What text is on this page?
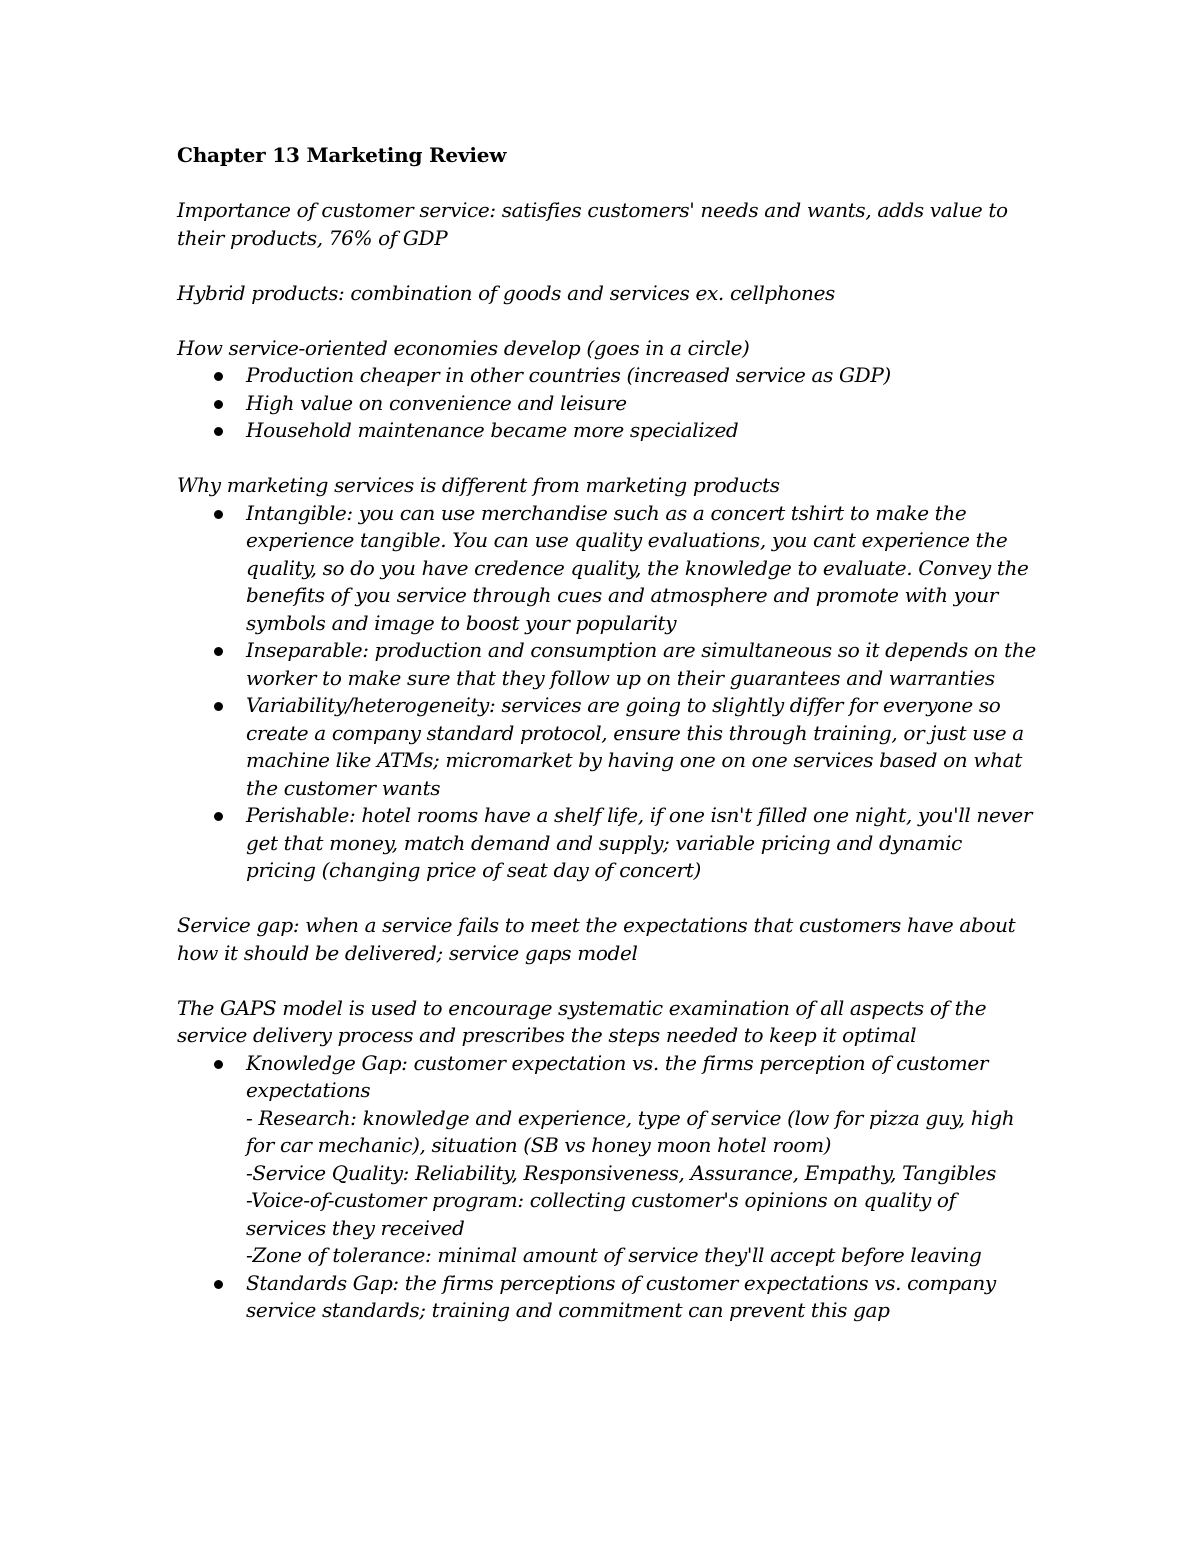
Chapter 13 Marketing Review

Importance of customer service: satisfies customers' needs and wants, adds value to their products, 76% of GDP

Hybrid products: combination of goods and services ex. cellphones

How service-oriented economies develop (goes in a circle)

Production cheaper in other countries (increased service as GDP)
High value on convenience and leisure
Household maintenance became more specialized

Why marketing services is different from marketing products

Intangible: you can use merchandise such as a concert tshirt to make the experience tangible. You can use quality evaluations, you cant experience the quality, so do you have credence quality, the knowledge to evaluate. Convey the benefits of you service through cues and atmosphere and promote with your symbols and image to boost your popularity
Inseparable: production and consumption are simultaneous so it depends on the worker to make sure that they follow up on their guarantees and warranties
Variability/heterogeneity: services are going to slightly differ for everyone so create a company standard protocol, ensure this through training, or just use a machine like ATMs; micromarket by having one on one services based on what the customer wants
Perishable: hotel rooms have a shelf life, if one isn't filled one night, you'll never get that money, match demand and supply; variable pricing and dynamic pricing (changing price of seat day of concert)

Service gap: when a service fails to meet the expectations that customers have about how it should be delivered; service gaps model

The GAPS model is used to encourage systematic examination of all aspects of the service delivery process and prescribes the steps needed to keep it optimal

Knowledge Gap: customer expectation vs. the firms perception of customer expectations
- Research: knowledge and experience, type of service (low for pizza guy, high for car mechanic), situation (SB vs honey moon hotel room)
-Service Quality: Reliability, Responsiveness, Assurance, Empathy, Tangibles
-Voice-of-customer program: collecting customer's opinions on quality of services they received
-Zone of tolerance: minimal amount of service they'll accept before leaving
Standards Gap: the firms perceptions of customer expectations vs. company service standards; training and commitment can prevent this gap
